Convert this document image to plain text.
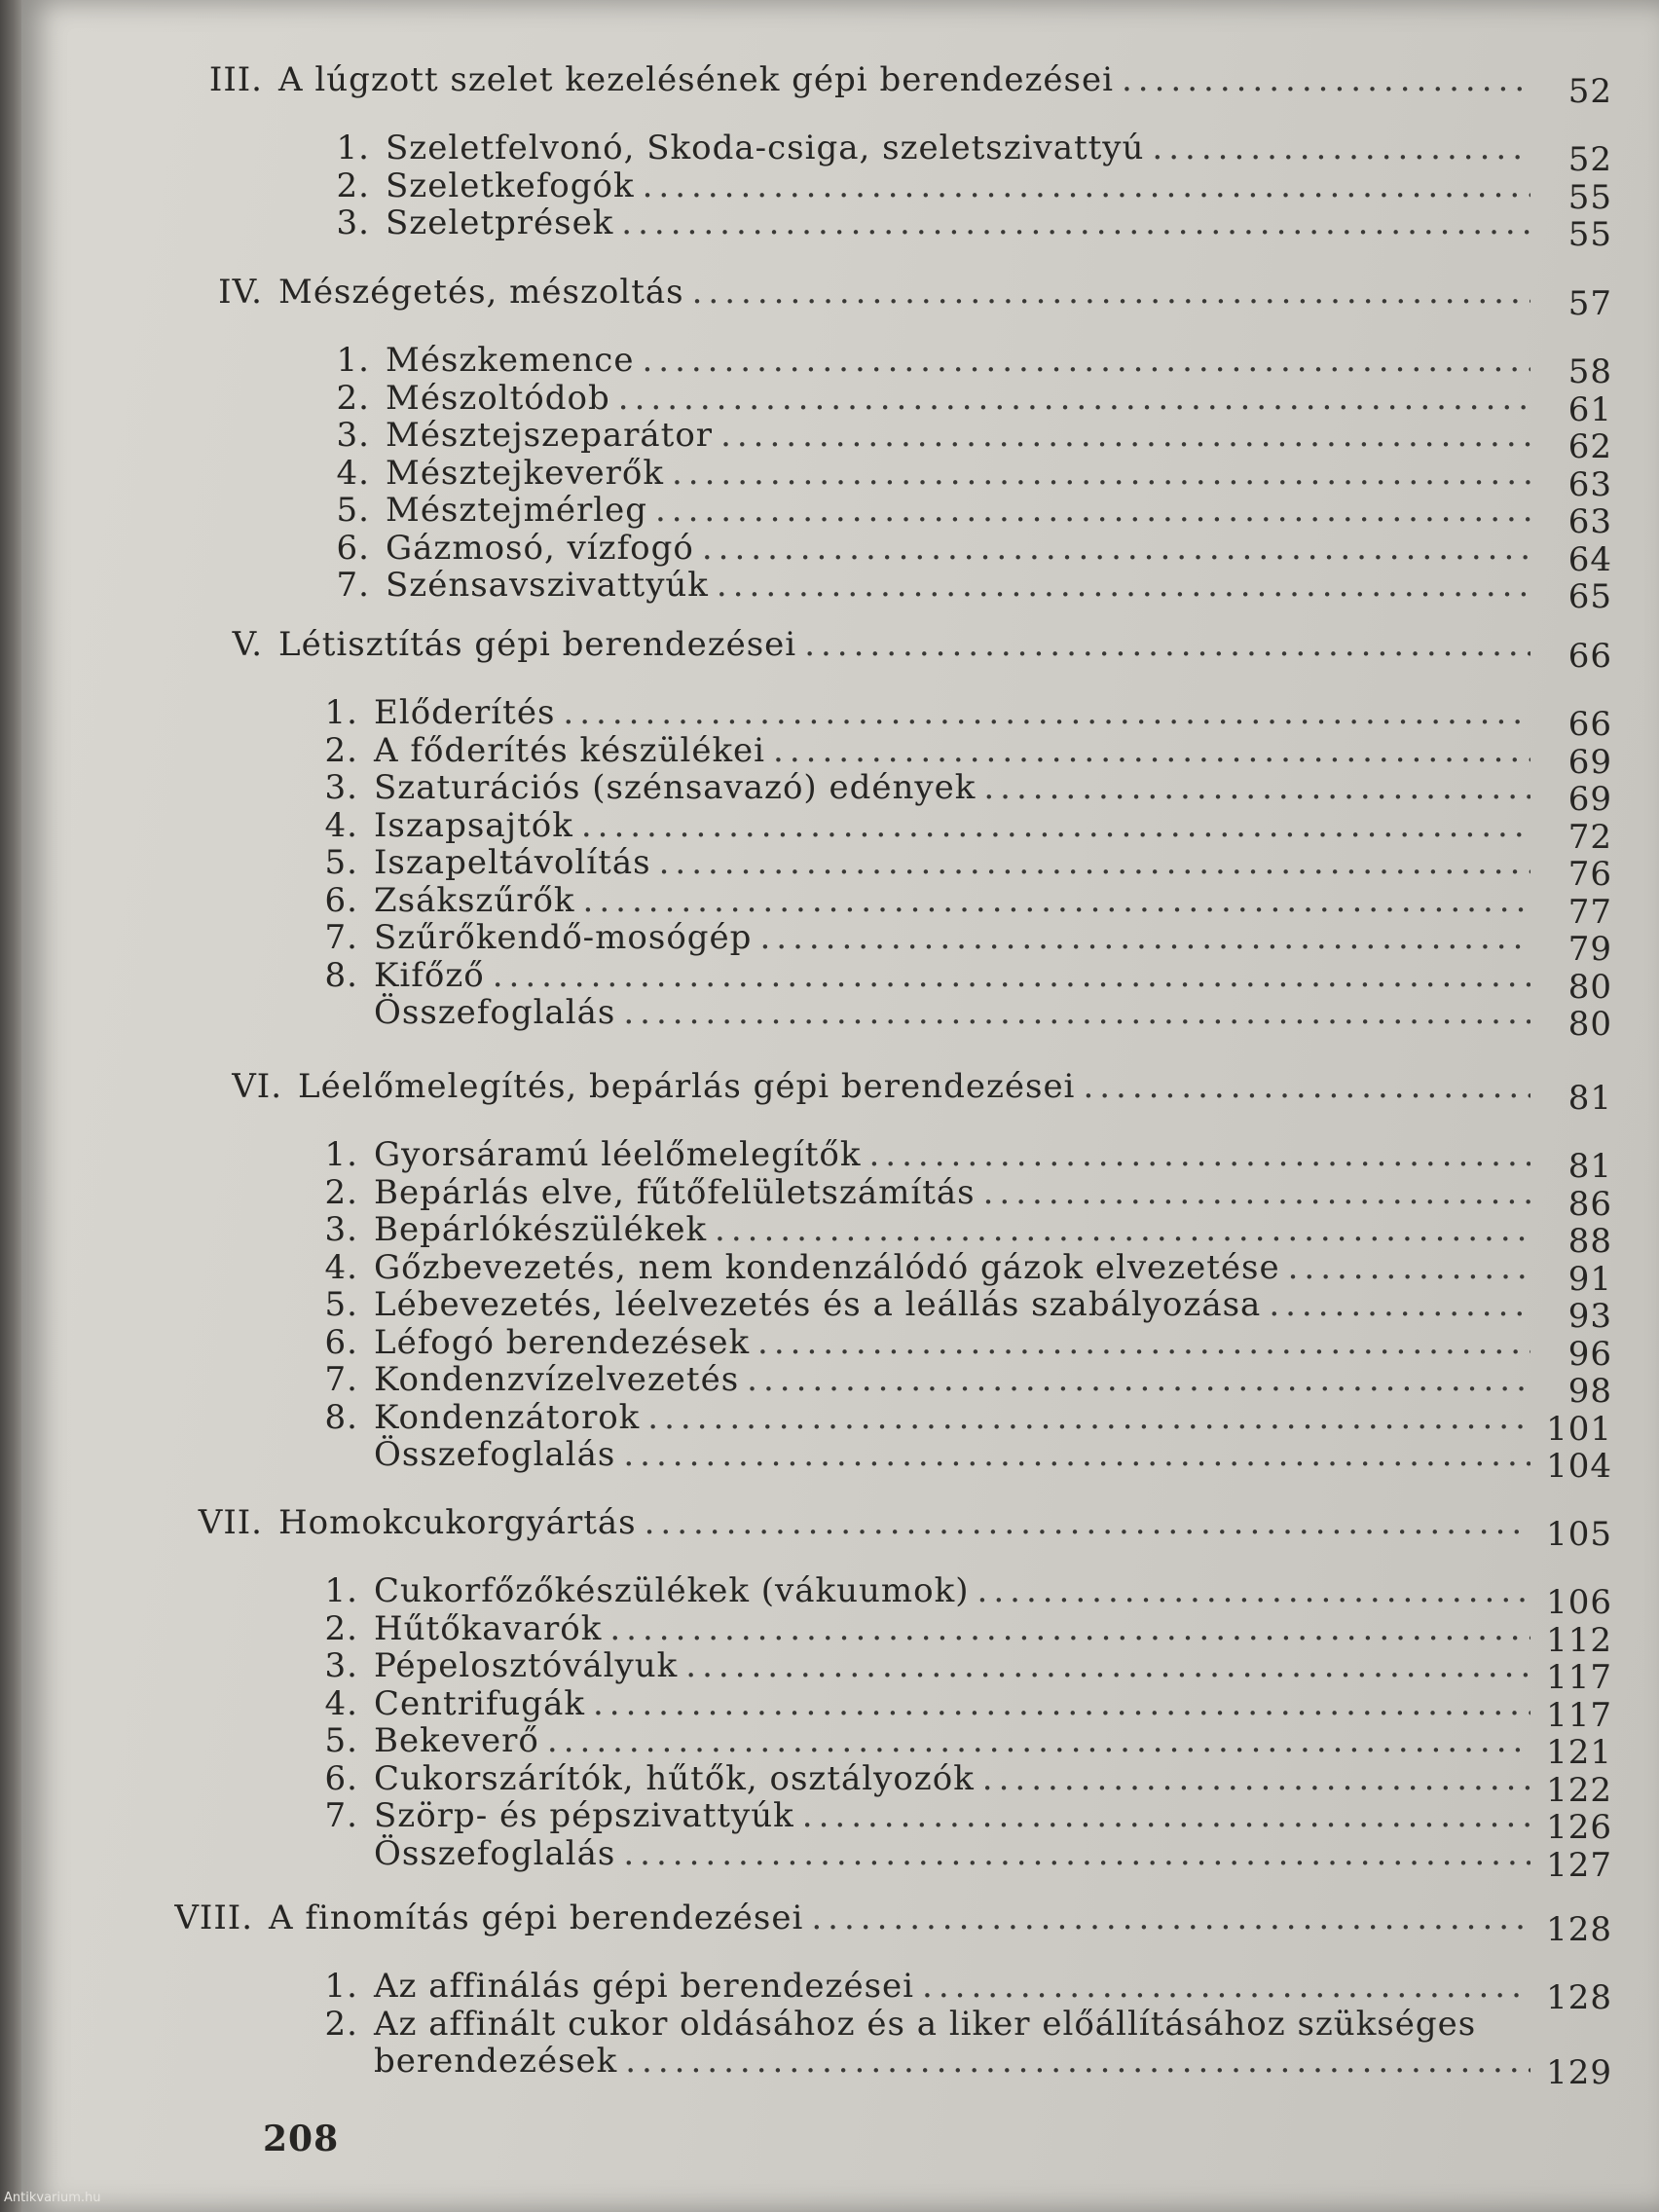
III. A lúgzott szelet kezelésének gépi berendezései .....	52
1. Szeletfelvonó, Skoda-csiga, szeletszivattyú .....	52
2. Szeletkefogók .....	55
3. Szeletprések .....	55
IV. Mészégetés, mészoltás .....	57
1. Mészkemence .....	58
2. Mészoltódob .....	61
3. Mésztejszeparátor .....	62
4. Mésztejkeverők .....	63
5. Mésztejmérleg .....	63
6. Gázmosó, vízfogó .....	64
7. Szénsavszivattyúk .....	65
V. Létisztítás gépi berendezései .....	66
1. Előderítés .....	66
2. A főderítés készülékei .....	69
3. Szaturációs (szénsavazó) edények .....	69
4. Iszapsajtók .....	72
5. Iszapeltávolítás .....	76
6. Zsákszűrők .....	77
7. Szűrőkendő-mosógép .....	79
8. Kifőző .....	80
Összefoglalás .....	80
VI. Léelőmelegítés, bepárlás gépi berendezései .....	81
1. Gyorsáramú léelőmelegítők .....	81
2. Bepárlás elve, fűtőfelületszámítás .....	86
3. Bepárlókészülékek .....	88
4. Gőzbevezetés, nem kondenzálódó gázok elvezetése .....	91
5. Lébevezetés, léelvezetés és a leállás szabályozása .....	93
6. Léfogó berendezések .....	96
7. Kondenzvízelvezetés .....	98
8. Kondenzátorok .....	101
Összefoglalás .....	104
VII. Homokcukorgyártás .....	105
1. Cukorfőzőkészülékek (vákuumok) .....	106
2. Hűtőkavarók .....	112
3. Pépelosztóvályuk .....	117
4. Centrifugák .....	117
5. Bekeverő .....	121
6. Cukorszárítók, hűtők, osztályozók .....	122
7. Szörp- és pépszivattyúk .....	126
Összefoglalás .....	127
VIII. A finomítás gépi berendezései .....	128
1. Az affinálás gépi berendezései .....	128
2. Az affinált cukor oldásához és a liker előállításához szükséges
berendezések .....	129
208
Antikvarium.hu
